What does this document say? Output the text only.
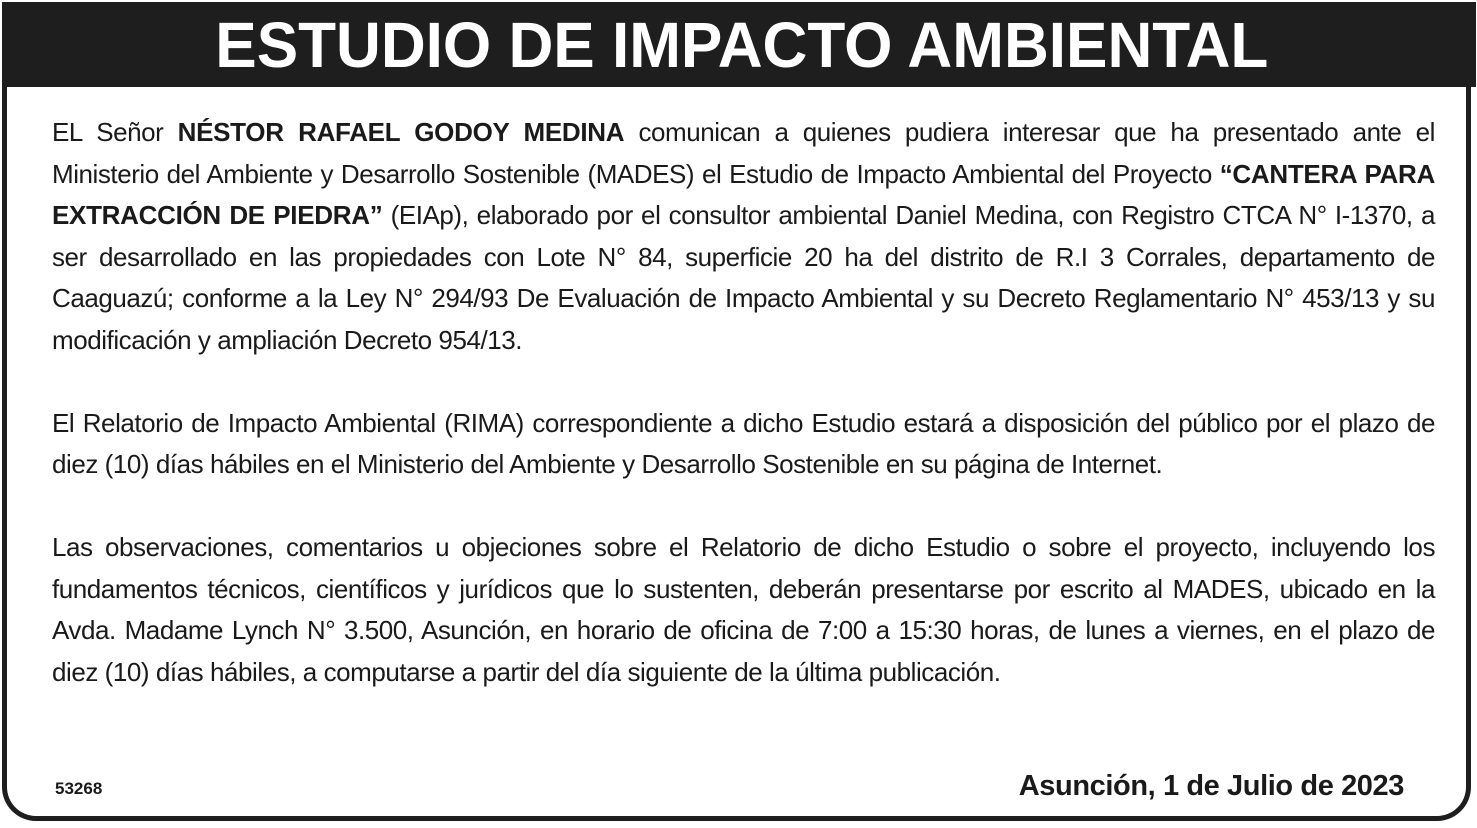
ESTUDIO DE IMPACTO AMBIENTAL

EL Señor NÉSTOR RAFAEL GODOY MEDINA comunican a quienes pudiera interesar que ha presentado ante el Ministerio del Ambiente y Desarrollo Sostenible (MADES) el Estudio de Impacto Ambiental del Proyecto “CANTERA PARA EXTRACCIÓN DE PIEDRA” (EIAp), elaborado por el consultor ambiental Daniel Medina, con Registro CTCA N° I-1370, a ser desarrollado en las propiedades con Lote N° 84, superficie 20 ha del distrito de R.I 3 Corrales, departamento de Caaguazú; conforme a la Ley N° 294/93 De Evaluación de Impacto Ambiental y su Decreto Reglamentario N° 453/13 y su modificación y ampliación Decreto 954/13.

El Relatorio de Impacto Ambiental (RIMA) correspondiente a dicho Estudio estará a disposición del público por el plazo de diez (10) días hábiles en el Ministerio del Ambiente y Desarrollo Sostenible en su página de Internet.

Las observaciones, comentarios u objeciones sobre el Relatorio de dicho Estudio o sobre el proyecto, incluyendo los fundamentos técnicos, científicos y jurídicos que lo sustenten, deberán presentarse por escrito al MADES, ubicado en la Avda. Madame Lynch N° 3.500, Asunción, en horario de oficina de 7:00 a 15:30 horas, de lunes a viernes, en el plazo de diez (10) días hábiles, a computarse a partir del día siguiente de la última publicación.

53268	Asunción, 1 de Julio de 2023
